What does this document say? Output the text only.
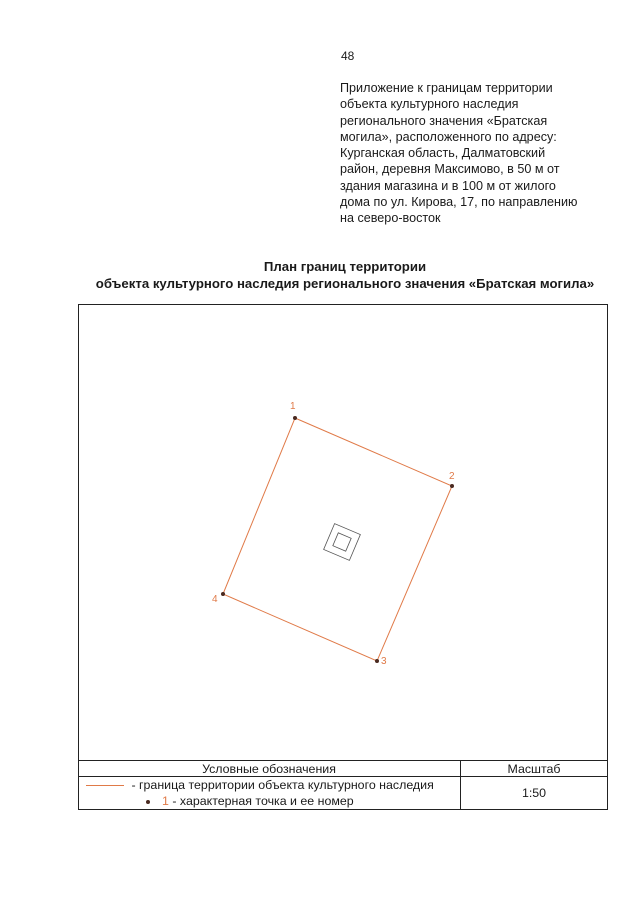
48
Приложение к границам территории
объекта культурного наследия
регионального значения «Братская
могила», расположенного по адресу:
Курганская область, Далматовский
район, деревня Максимово, в 50 м от
здания магазина и в 100 м от жилого
дома по ул. Кирова, 17, по направлению
на северо-восток
План границ территории
объекта культурного наследия регионального значения «Братская могила»
1
2
3
4
Условные обозначения	Масштаб
- граница территории объекта культурного наследия
1 - характерная точка и ее номер
1:50
